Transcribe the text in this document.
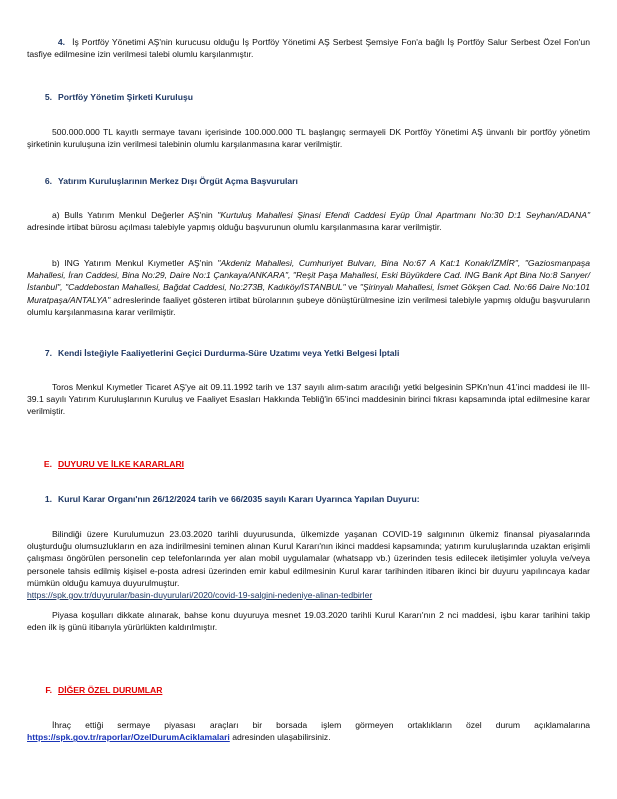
4. İş Portföy Yönetimi AŞ'nin kurucusu olduğu İş Portföy Yönetimi AŞ Serbest Şemsiye Fon'a bağlı İş Portföy Salur Serbest Özel Fon'un tasfiye edilmesine izin verilmesi talebi olumlu karşılanmıştır.

5. Portföy Yönetim Şirketi Kuruluşu

500.000.000 TL kayıtlı sermaye tavanı içerisinde 100.000.000 TL başlangıç sermayeli DK Portföy Yönetimi AŞ ünvanlı bir portföy yönetim şirketinin kuruluşuna izin verilmesi talebinin olumlu karşılanmasına karar verilmiştir.

6. Yatırım Kuruluşlarının Merkez Dışı Örgüt Açma Başvuruları

a) Bulls Yatırım Menkul Değerler AŞ'nin "Kurtuluş Mahallesi Şinasi Efendi Caddesi Eyüp Ünal Apartmanı No:30 D:1 Seyhan/ADANA" adresinde irtibat bürosu açılması talebiyle yapmış olduğu başvurunun olumlu karşılanmasına karar verilmiştir.

b) ING Yatırım Menkul Kıymetler AŞ'nin "Akdeniz Mahallesi, Cumhuriyet Bulvarı, Bina No:67 A Kat:1 Konak/İZMİR", "Gaziosmanpaşa Mahallesi, İran Caddesi, Bina No:29, Daire No:1 Çankaya/ANKARA", "Reşit Paşa Mahallesi, Eski Büyükdere Cad. ING Bank Apt Bina No:8 Sarıyer/İstanbul", "Caddebostan Mahallesi, Bağdat Caddesi, No:273B, Kadıköy/İSTANBUL" ve "Şirinyalı Mahallesi, İsmet Gökşen Cad. No:66 Daire No:101 Muratpaşa/ANTALYA" adreslerinde faaliyet gösteren irtibat bürolarının şubeye dönüştürülmesine izin verilmesi talebiyle yapmış olduğu başvuruların olumlu karşılanmasına karar verilmiştir.

7. Kendi İsteğiyle Faaliyetlerini Geçici Durdurma-Süre Uzatımı veya Yetki Belgesi İptali

Toros Menkul Kıymetler Ticaret AŞ'ye ait 09.11.1992 tarih ve 137 sayılı alım-satım aracılığı yetki belgesinin SPKn'nun 41'inci maddesi ile III-39.1 sayılı Yatırım Kuruluşlarının Kuruluş ve Faaliyet Esasları Hakkında Tebliğ'in 65'inci maddesinin birinci fıkrası kapsamında iptal edilmesine karar verilmiştir.

E. DUYURU VE İLKE KARARLARI

1. Kurul Karar Organı'nın 26/12/2024 tarih ve 66/2035 sayılı Kararı Uyarınca Yapılan Duyuru:

Bilindiği üzere Kurulumuzun 23.03.2020 tarihli duyurusunda, ülkemizde yaşanan COVID-19 salgınının ülkemiz finansal piyasalarında oluşturduğu olumsuzlukların en aza indirilmesini teminen alınan Kurul Kararı'nın ikinci maddesi kapsamında; yatırım kuruluşlarında uzaktan erişimli çalışması öngörülen personelin cep telefonlarında yer alan mobil uygulamalar (whatsapp vb.) üzerinden tesis edilecek iletişimler yoluyla ve/veya personele tahsis edilmiş kişisel e-posta adresi üzerinden emir kabul edilmesinin Kurul karar tarihinden itibaren ikinci bir duyuru yapılıncaya kadar mümkün olduğu kamuya duyurulmuştur.

https://spk.gov.tr/duyurular/basin-duyurulari/2020/covid-19-salgini-nedeniye-alinan-tedbirler

Piyasa koşulları dikkate alınarak, bahse konu duyuruya mesnet 19.03.2020 tarihli Kurul Kararı'nın 2 nci maddesi, işbu karar tarihini takip eden ilk iş günü itibarıyla yürürlükten kaldırılmıştır.

F. DİĞER ÖZEL DURUMLAR

İhraç ettiği sermaye piyasası araçları bir borsada işlem görmeyen ortaklıkların özel durum açıklamalarına https://spk.gov.tr/raporlar/OzelDurumAciklamalari adresinden ulaşabilirsiniz.
